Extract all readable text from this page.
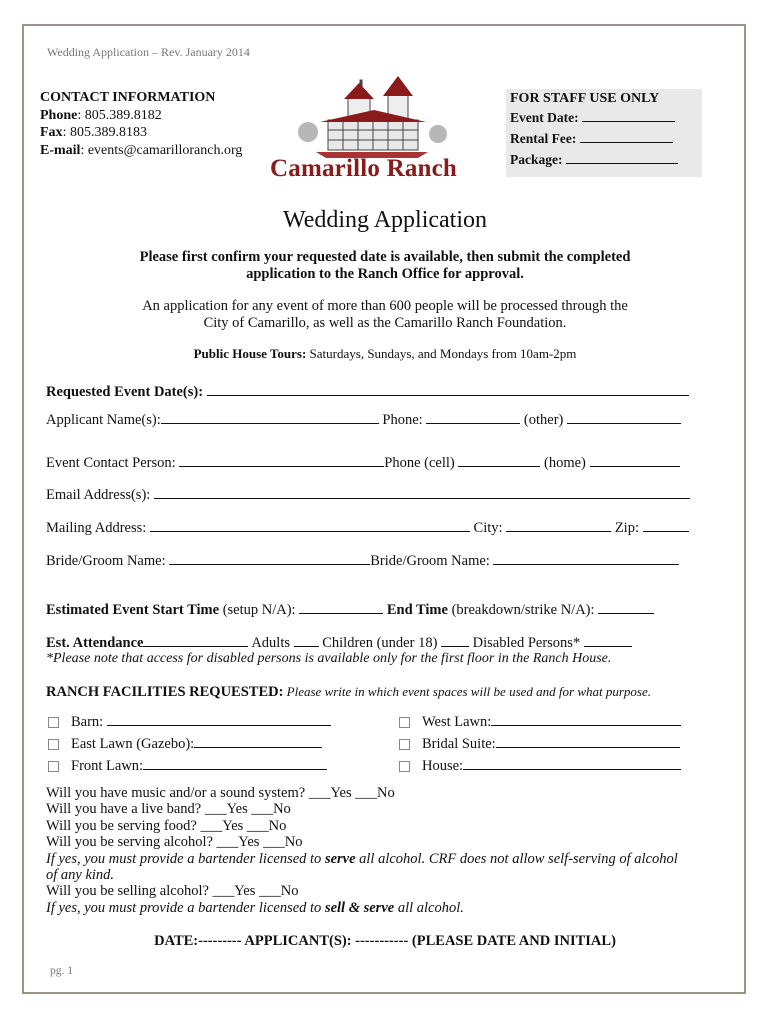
Wedding Application – Rev. January 2014
CONTACT INFORMATION
Phone: 805.389.8182
Fax: 805.389.8183
E-mail: events@camarilloranch.org
Camarillo Ranch
FOR STAFF USE ONLY
Event Date:
Rental Fee:
Package:
Wedding Application
Please first confirm your requested date is available, then submit the completed
application to the Ranch Office for approval.
An application for any event of more than 600 people will be processed through the
City of Camarillo, as well as the Camarillo Ranch Foundation.
Public House Tours: Saturdays, Sundays, and Mondays from 10am-2pm
Requested Event Date(s):
Applicant Name(s):	Phone:	(other)
Event Contact Person:	Phone (cell)	(home)
Email Address(s):
Mailing Address:	City:	Zip:
Bride/Groom Name:	Bride/Groom Name:
Estimated Event Start Time (setup N/A):	End Time (breakdown/strike N/A):
Est. Attendance	Adults Children (under 18) Disabled Persons*
*Please note that access for disabled persons is available only for the first floor in the Ranch House.
RANCH FACILITIES REQUESTED: Please write in which event spaces will be used and for what purpose.
Barn:
East Lawn (Gazebo):
Front Lawn:
West Lawn:
Bridal Suite:
House:
Will you have music and/or a sound system? ___Yes ___No
Will you have a live band? ___Yes ___No
Will you be serving food? ___Yes ___No
Will you be serving alcohol? ___Yes ___No
If yes, you must provide a bartender licensed to serve all alcohol. CRF does not allow self-serving of alcohol
of any kind.
Will you be selling alcohol? ___Yes ___No
If yes, you must provide a bartender licensed to sell & serve all alcohol.
DATE:--------- APPLICANT(S): ----------- (PLEASE DATE AND INITIAL)
pg. 1
